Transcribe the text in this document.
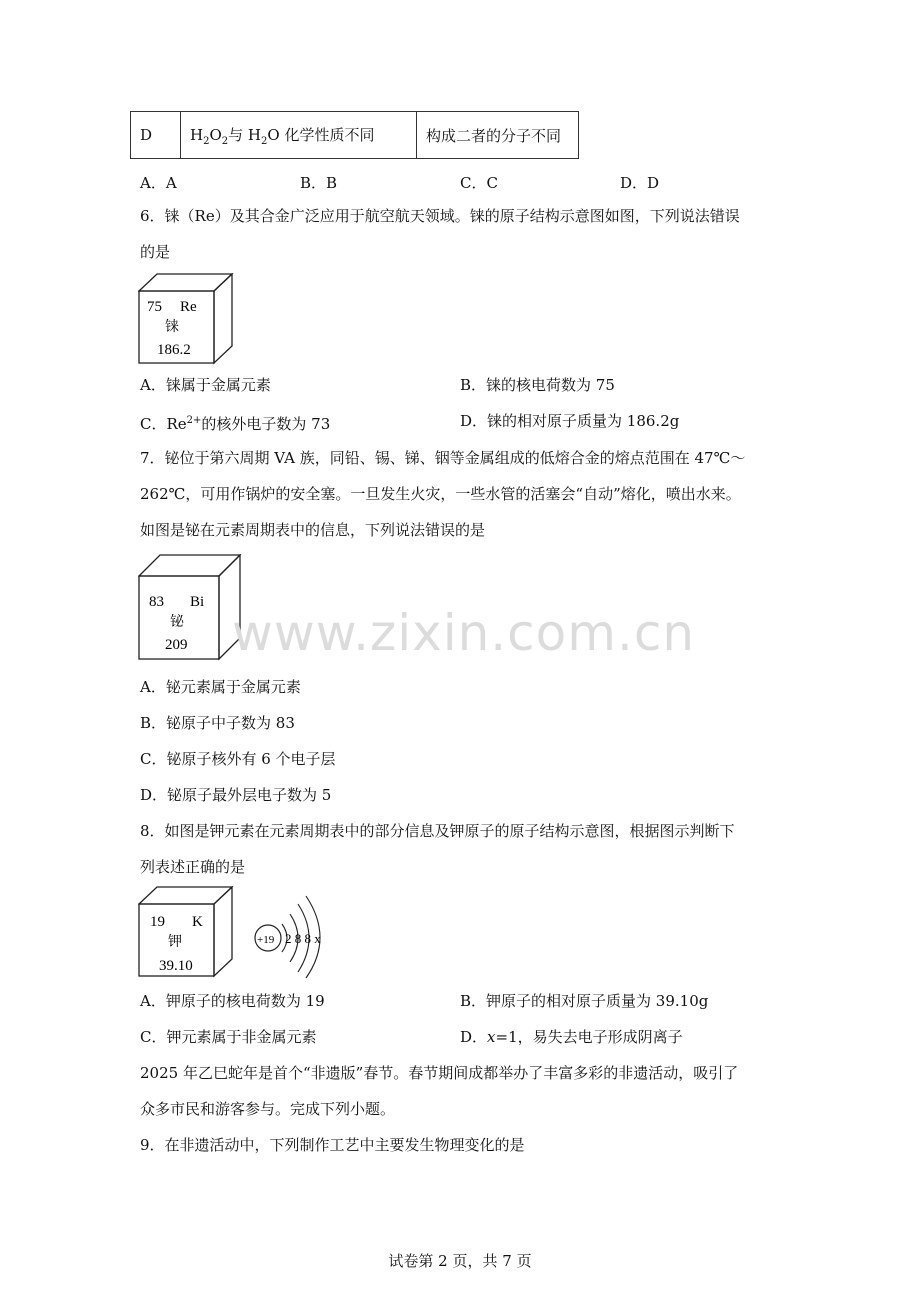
D	$H_2O_2$与 $H_2O$ 化学性质不同	构成二者的分子不同
A．A	B．B	C．C	D．D
6．铼（Re）及其合金广泛应用于航空航天领域。铼的原子结构示意图如图，下列说法错误
的是
75 Re
铼
186.2
A．铼属于金属元素	B．铼的核电荷数为 75
C．$Re^{2+}$的核外电子数为 73	D．铼的相对原子质量为 186.2g
7．铋位于第六周期 VA 族，同铅、锡、锑、铟等金属组成的低熔合金的熔点范围在 47℃～
262℃，可用作锅炉的安全塞。一旦发生火灾，一些水管的活塞会“自动”熔化，喷出水来。
如图是铋在元素周期表中的信息，下列说法错误的是
83 Bi
铋
209
A．铋元素属于金属元素
B．铋原子中子数为 83
C．铋原子核外有 6 个电子层
D．铋原子最外层电子数为 5
www.zixin.com.cn
8．如图是钾元素在元素周期表中的部分信息及钾原子的原子结构示意图，根据图示判断下
列表述正确的是
19 K
钾
39.10
+19 2 8 8 x
A．钾原子的核电荷数为 19	B．钾原子的相对原子质量为 39.10g
C．钾元素属于非金属元素	D．x=1，易失去电子形成阴离子
2025 年乙巳蛇年是首个“非遗版”春节。春节期间成都举办了丰富多彩的非遗活动，吸引了
众多市民和游客参与。完成下列小题。
9．在非遗活动中，下列制作工艺中主要发生物理变化的是
试卷第 2 页，共 7 页
